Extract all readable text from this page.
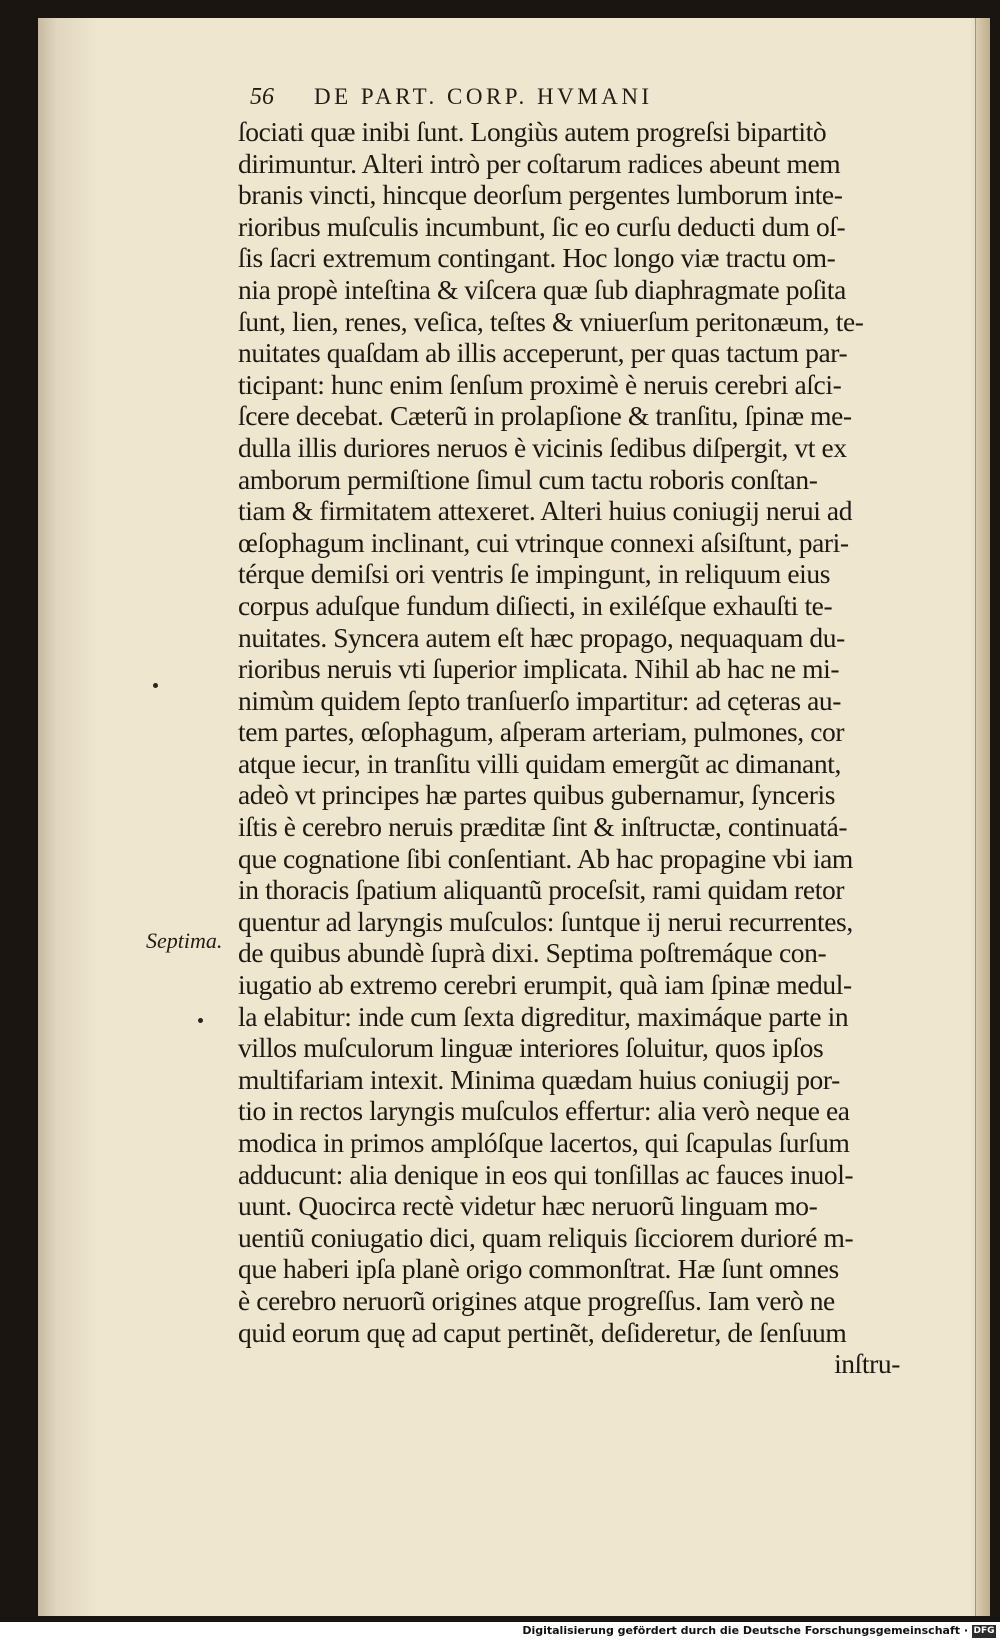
56 DE PART. CORP. HVMANI
Septima.
ſociati quæ inibi ſunt. Longiùs autem progreſsi bipartitò
dirimuntur. Alteri intrò per coſtarum radices abeunt mem
branis vincti, hincque deorſum pergentes lumborum inte-
rioribus muſculis incumbunt, ſic eo curſu deducti dum oſ-
ſis ſacri extremum contingant. Hoc longo viæ tractu om-
nia propè inteſtina & viſcera quæ ſub diaphragmate poſita
ſunt, lien, renes, veſica, teſtes & vniuerſum peritonæum, te-
nuitates quaſdam ab illis acceperunt, per quas tactum par-
ticipant: hunc enim ſenſum proximè è neruis cerebri aſci-
ſcere decebat. Cæterũ in prolapſione & tranſitu, ſpinæ me-
dulla illis duriores neruos è vicinis ſedibus diſpergit, vt ex
amborum permiſtione ſimul cum tactu roboris conſtan-
tiam & firmitatem attexeret. Alteri huius coniugij nerui ad
œſophagum inclinant, cui vtrinque connexi aſsiſtunt, pari-
térque demiſsi ori ventris ſe impingunt, in reliquum eius
corpus aduſque fundum diſiecti, in exiléſque exhauſti te-
nuitates. Syncera autem eſt hæc propago, nequaquam du-
rioribus neruis vti ſuperior implicata. Nihil ab hac ne mi-
nimùm quidem ſepto tranſuerſo impartitur: ad cęteras au-
tem partes, œſophagum, aſperam arteriam, pulmones, cor
atque iecur, in tranſitu villi quidam emergũt ac dimanant,
adeò vt principes hæ partes quibus gubernamur, ſynceris
iſtis è cerebro neruis præditæ ſint & inſtructæ, continuatá-
que cognatione ſibi conſentiant. Ab hac propagine vbi iam
in thoracis ſpatium aliquantũ proceſsit, rami quidam retor
quentur ad laryngis muſculos: ſuntque ij nerui recurrentes,
de quibus abundè ſuprà dixi. Septima poſtremáque con-
iugatio ab extremo cerebri erumpit, quà iam ſpinæ medul-
la elabitur: inde cum ſexta digreditur, maximáque parte in
villos muſculorum linguæ interiores ſoluitur, quos ipſos
multifariam intexit. Minima quædam huius coniugij por-
tio in rectos laryngis muſculos effertur: alia verò neque ea
modica in primos amplóſque lacertos, qui ſcapulas ſurſum
adducunt: alia denique in eos qui tonſillas ac fauces inuol-
uunt. Quocirca rectè videtur hæc neruorũ linguam mo-
uentiũ coniugatio dici, quam reliquis ſicciorem durioré m-
que haberi ipſa planè origo commonſtrat. Hæ ſunt omnes
è cerebro neruorũ origines atque progreſſus. Iam verò ne
quid eorum quę ad caput pertinẽt, deſideretur, de ſenſuum
inſtru-
Digitalisierung gefördert durch die Deutsche Forschungsgemeinschaft · DFG
